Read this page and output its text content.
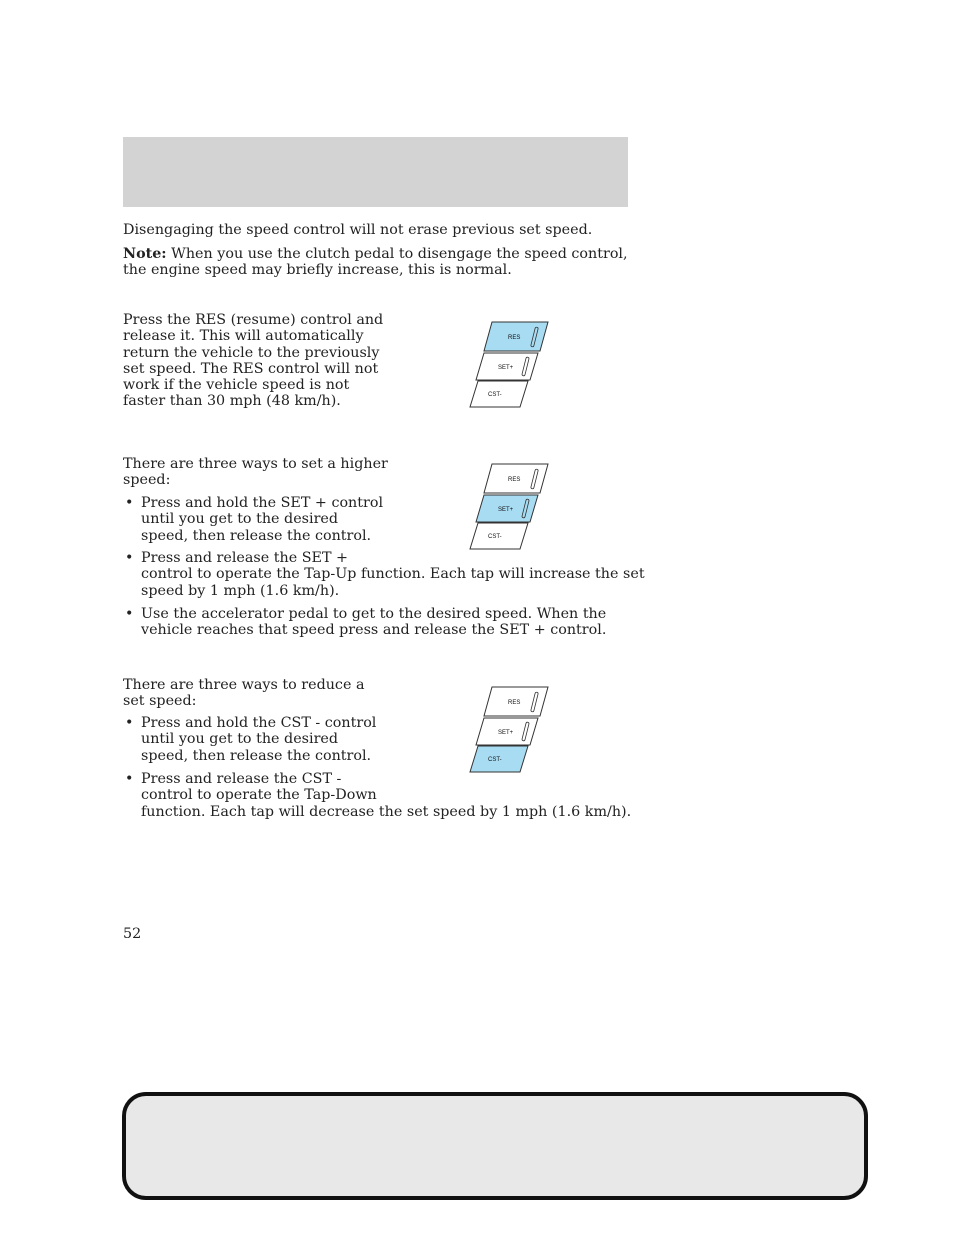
Disengaging the speed control will not erase previous set speed.

Note: When you use the clutch pedal to disengage the speed control,
the engine speed may briefly increase, this is normal.

Press the RES (resume) control and
release it. This will automatically
return the vehicle to the previously
set speed. The RES control will not
work if the vehicle speed is not
faster than 30 mph (48 km/h).

RES
SET+
CST-

There are three ways to set a higher
speed:

• Press and hold the SET + control
until you get to the desired
speed, then release the control.
• Press and release the SET +
control to operate the Tap-Up function. Each tap will increase the set
speed by 1 mph (1.6 km/h).
• Use the accelerator pedal to get to the desired speed. When the
vehicle reaches that speed press and release the SET + control.
RES
SET+
CST-

There are three ways to reduce a
set speed:

• Press and hold the CST - control
until you get to the desired
speed, then release the control.
• Press and release the CST -
control to operate the Tap-Down
function. Each tap will decrease the set speed by 1 mph (1.6 km/h).
RES
SET+
CST-
52
